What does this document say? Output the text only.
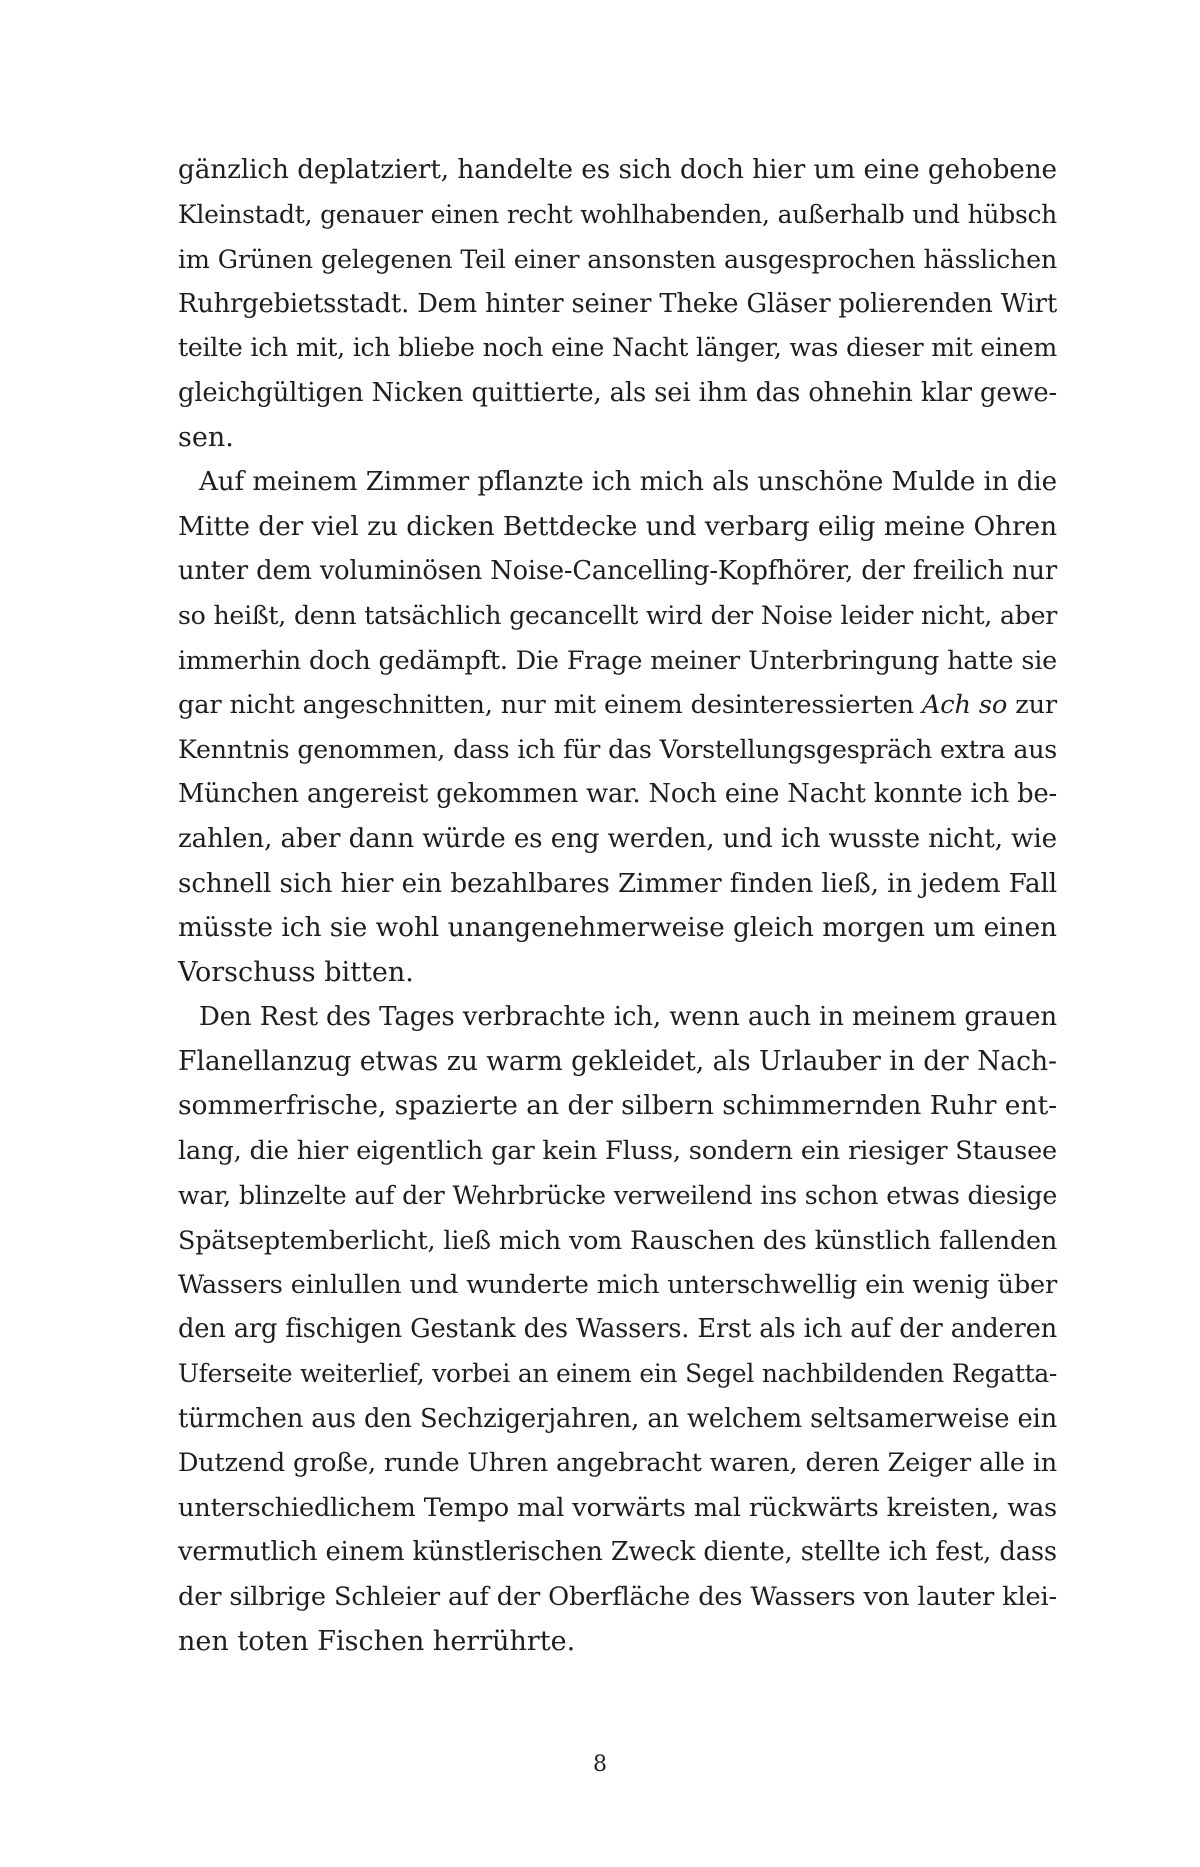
gänzlich deplatziert, handelte es sich doch hier um eine gehobene
Kleinstadt, genauer einen recht wohlhabenden, außerhalb und hübsch
im Grünen gelegenen Teil einer ansonsten ausgesprochen hässlichen
Ruhrgebietsstadt. Dem hinter seiner Theke Gläser polierenden Wirt
teilte ich mit, ich bliebe noch eine Nacht länger, was dieser mit einem
gleichgültigen Nicken quittierte, als sei ihm das ohnehin klar gewe-
sen.
Auf meinem Zimmer pflanzte ich mich als unschöne Mulde in die
Mitte der viel zu dicken Bettdecke und verbarg eilig meine Ohren
unter dem voluminösen Noise-Cancelling-Kopfhörer, der freilich nur
so heißt, denn tatsächlich gecancellt wird der Noise leider nicht, aber
immerhin doch gedämpft. Die Frage meiner Unterbringung hatte sie
gar nicht angeschnitten, nur mit einem desinteressierten Ach so zur
Kenntnis genommen, dass ich für das Vorstellungsgespräch extra aus
München angereist gekommen war. Noch eine Nacht konnte ich be-
zahlen, aber dann würde es eng werden, und ich wusste nicht, wie
schnell sich hier ein bezahlbares Zimmer finden ließ, in jedem Fall
müsste ich sie wohl unangenehmerweise gleich morgen um einen
Vorschuss bitten.
Den Rest des Tages verbrachte ich, wenn auch in meinem grauen
Flanellanzug etwas zu warm gekleidet, als Urlauber in der Nach-
sommerfrische, spazierte an der silbern schimmernden Ruhr ent-
lang, die hier eigentlich gar kein Fluss, sondern ein riesiger Stausee
war, blinzelte auf der Wehrbrücke verweilend ins schon etwas diesige
Spätseptemberlicht, ließ mich vom Rauschen des künstlich fallenden
Wassers einlullen und wunderte mich unterschwellig ein wenig über
den arg fischigen Gestank des Wassers. Erst als ich auf der anderen
Uferseite weiterlief, vorbei an einem ein Segel nachbildenden Regatta-
türmchen aus den Sechzigerjahren, an welchem seltsamerweise ein
Dutzend große, runde Uhren angebracht waren, deren Zeiger alle in
unterschiedlichem Tempo mal vorwärts mal rückwärts kreisten, was
vermutlich einem künstlerischen Zweck diente, stellte ich fest, dass
der silbrige Schleier auf der Oberfläche des Wassers von lauter klei-
nen toten Fischen herrührte.
8
